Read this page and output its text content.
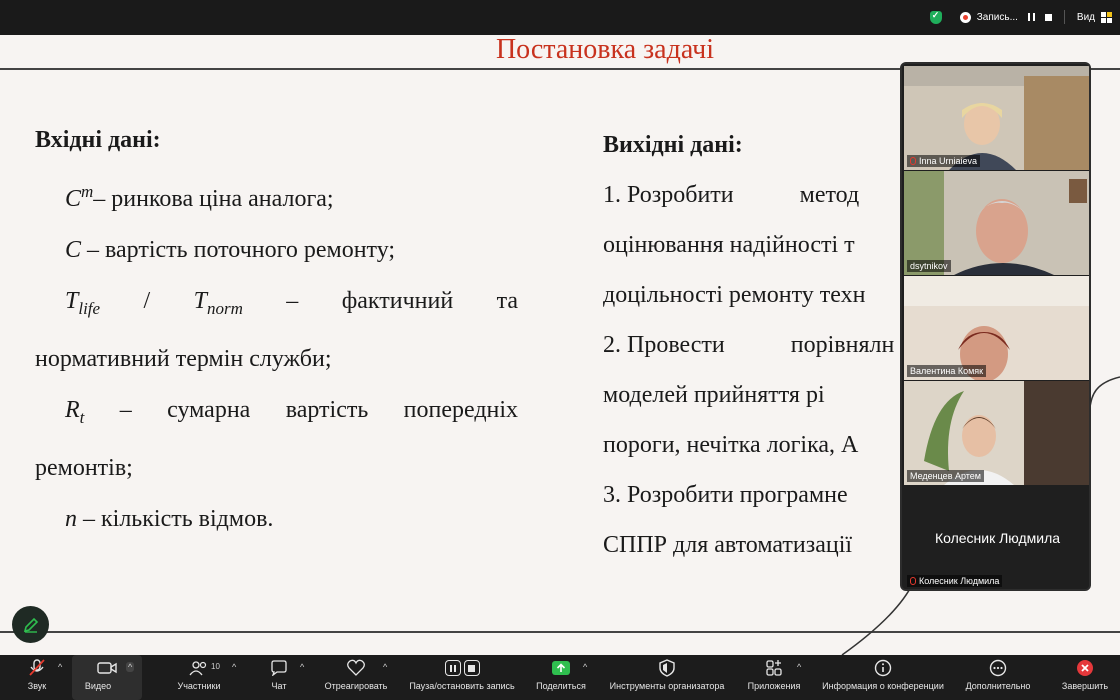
✓
Запись...	Вид
Постановка задачі
Вхідні дані:
$C^m-$ ринкова ціна аналога;
C – вартість поточного ремонту;
$T_{life} / T_{norm}$ – фактичний та
нормативний термін служби;
$R_t$ – сумарна вартість попередніх
ремонтів;
n – кількість відмов.
Вихідні дані:
1. Розробити	метод
оцінювання надійності т
доцільності ремонту техн
2. Провести	порівнялн
моделей прийняття рі
пороги, нечітка логіка, А
3. Розробити програмне
СППР для автоматизації
Inna Urniaieva
dsytnikov
Валентина Комяк
Меденцев Артем
Колесник Людмила
Колесник Людмила
Звук
^
Видео
^
Участники
10 ^
Чат
^
Отреагировать
^
Пауза/остановить запись Поделиться
^
Инструменты организатора	Приложения
^
Информация о конференции Дополнительно	Завершить
